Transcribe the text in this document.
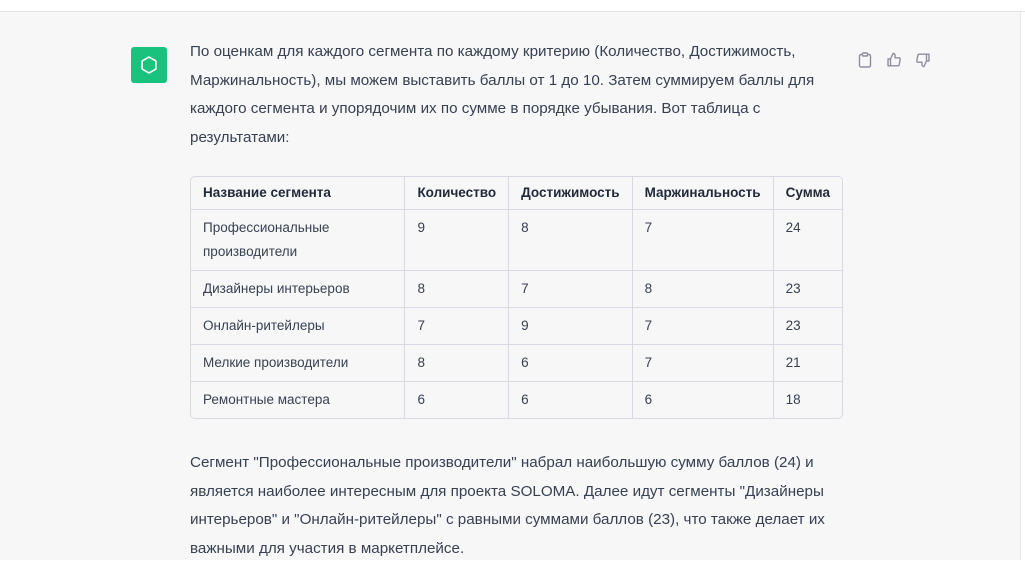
По оценкам для каждого сегмента по каждому критерию (Количество, Достижимость, Маржинальность), мы можем выставить баллы от 1 до 10. Затем суммируем баллы для каждого сегмента и упорядочим их по сумме в порядке убывания. Вот таблица с результатами:

Название сегмента	Количество	Достижимость	Маржинальность	Сумма
Профессиональные производители	9	8	7	24
Дизайнеры интерьеров	8	7	8	23
Онлайн-ритейлеры	7	9	7	23
Мелкие производители	8	6	7	21
Ремонтные мастера	6	6	6	18

Сегмент "Профессиональные производители" набрал наибольшую сумму баллов (24) и является наиболее интересным для проекта SOLOMA. Далее идут сегменты "Дизайнеры интерьеров" и "Онлайн-ритейлеры" с равными суммами баллов (23), что также делает их важными для участия в маркетплейсе.
